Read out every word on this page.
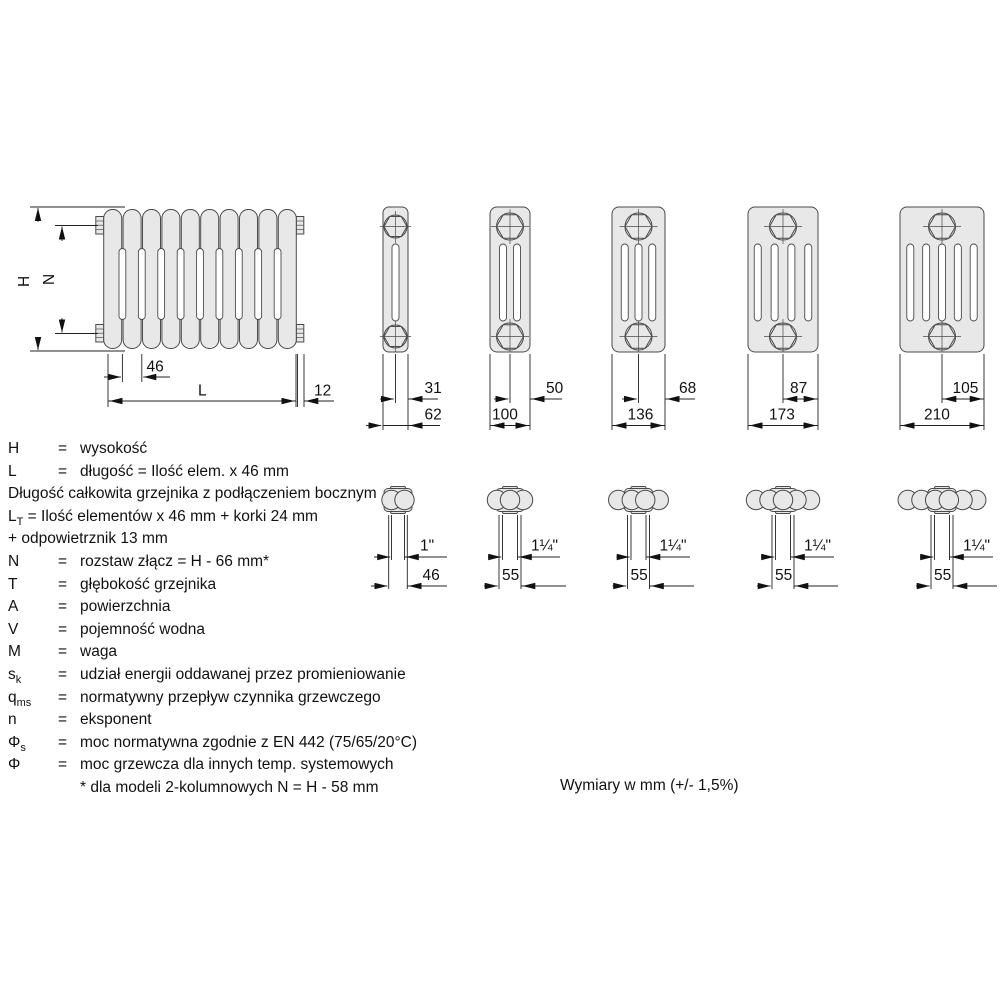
H N
46
L	12	31
62
50
100
68
136
87
173
105
210
1"
46
1¼"
55
1¼"
55
1¼"
55
1¼"
55
H	= wysokość
L	= długość = Ilość elem. x 46 mm
Długość całkowita grzejnika z podłączeniem bocznym
$L_T$ = Ilość elementów x 46 mm + korki 24 mm
+ odpowietrznik 13 mm
N	= rozstaw złącz = H - 66 mm*
T	= głębokość grzejnika
A	= powierzchnia
V	= pojemność wodna
M = waga
$s_k$ = udział energii oddawanej przez promieniowanie
$q_{ms}$ = normatywny przepływ czynnika grzewczego
n	= eksponent
$\Phi_s$ = moc normatywna zgodnie z EN 442 (75/65/20°C)
Φ = moc grzewcza dla innych temp. systemowych
* dla modeli 2-kolumnowych N = H - 58 mm	Wymiary w mm (+/- 1,5%)
